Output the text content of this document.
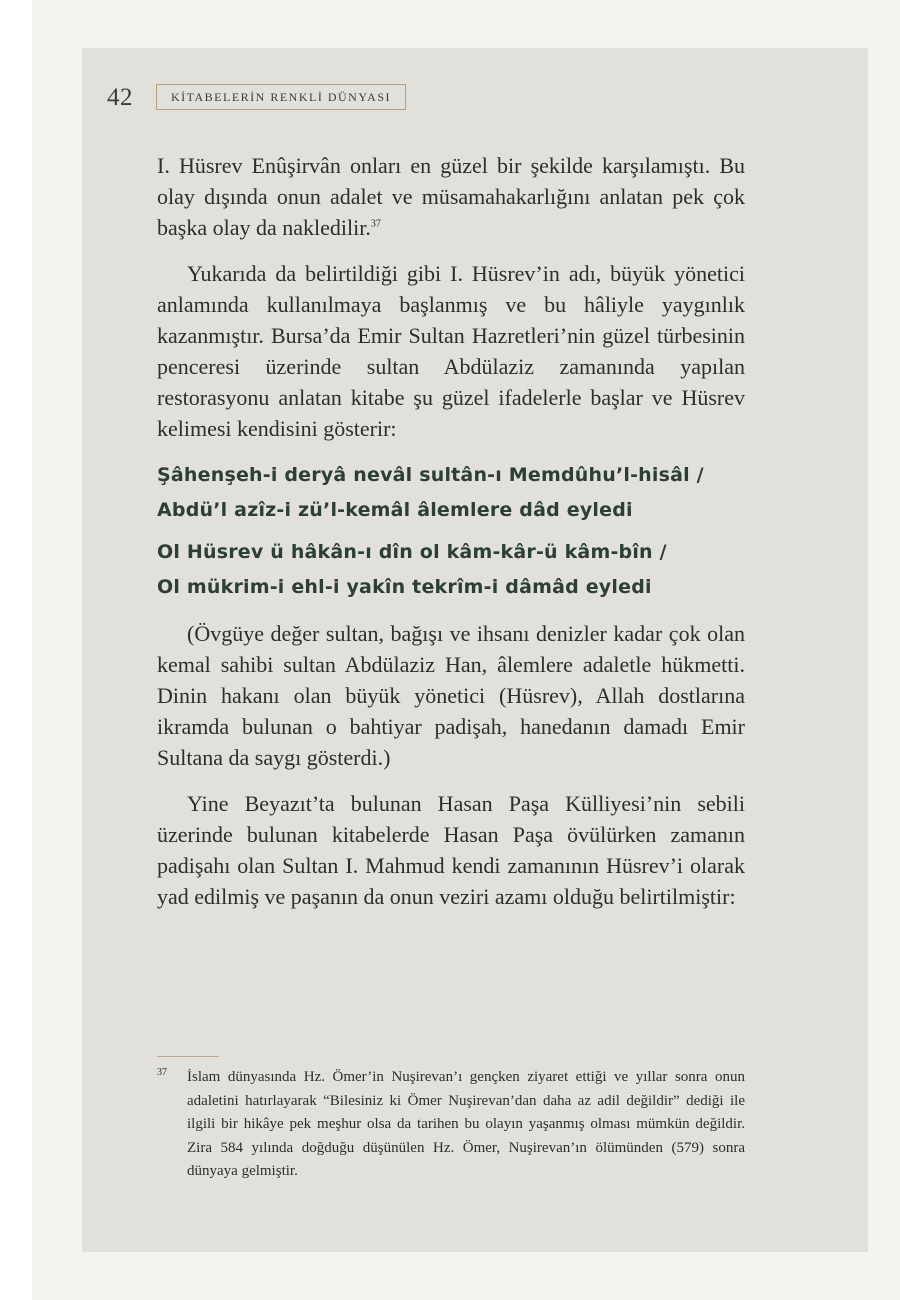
42	KİTABELERİN RENKLİ DÜNYASI

I. Hüsrev Enûşirvân onları en güzel bir şekilde karşılamıştı. Bu olay dışında onun adalet ve müsamahakarlığını anlatan pek çok başka olay da nakledilir.$^{37}$

Yukarıda da belirtildiği gibi I. Hüsrev’in adı, büyük yönetici anlamında kullanılmaya başlanmış ve bu hâliyle yaygınlık kazanmıştır. Bursa’da Emir Sultan Hazretleri’nin güzel türbesinin penceresi üzerinde sultan Abdülaziz zamanında yapılan restorasyonu anlatan kitabe şu güzel ifadelerle başlar ve Hüsrev kelimesi kendisini gösterir:

Şâhenşeh-i deryâ nevâl sultân-ı Memdûhu’l-hisâl /
Abdü’l azîz-i zü’l-kemâl âlemlere dâd eyledi
Ol Hüsrev ü hâkân-ı dîn ol kâm-kâr-ü kâm-bîn /
Ol mükrim-i ehl-i yakîn tekrîm-i dâmâd eyledi

(Övgüye değer sultan, bağışı ve ihsanı denizler kadar çok olan kemal sahibi sultan Abdülaziz Han, âlemlere adaletle hükmetti. Dinin hakanı olan büyük yönetici (Hüsrev), Allah dostlarına ikramda bulunan o bahtiyar padişah, hanedanın damadı Emir Sultana da saygı gösterdi.)

Yine Beyazıt’ta bulunan Hasan Paşa Külliyesi’nin sebili üzerinde bulunan kitabelerde Hasan Paşa övülürken zamanın padişahı olan Sultan I. Mahmud kendi zamanının Hüsrev’i olarak yad edilmiş ve paşanın da onun veziri azamı olduğu belirtilmiştir:

37 İslam dünyasında Hz. Ömer’in Nuşirevan’ı gençken ziyaret ettiği ve yıllar sonra onun adaletini hatırlayarak “Bilesiniz ki Ömer Nuşirevan’dan daha az adil değildir” dediği ile ilgili bir hikâye pek meşhur olsa da tarihen bu olayın yaşanmış olması mümkün değildir. Zira 584 yılında doğduğu düşünülen Hz. Ömer, Nuşirevan’ın ölümünden (579) sonra dünyaya gelmiştir.
